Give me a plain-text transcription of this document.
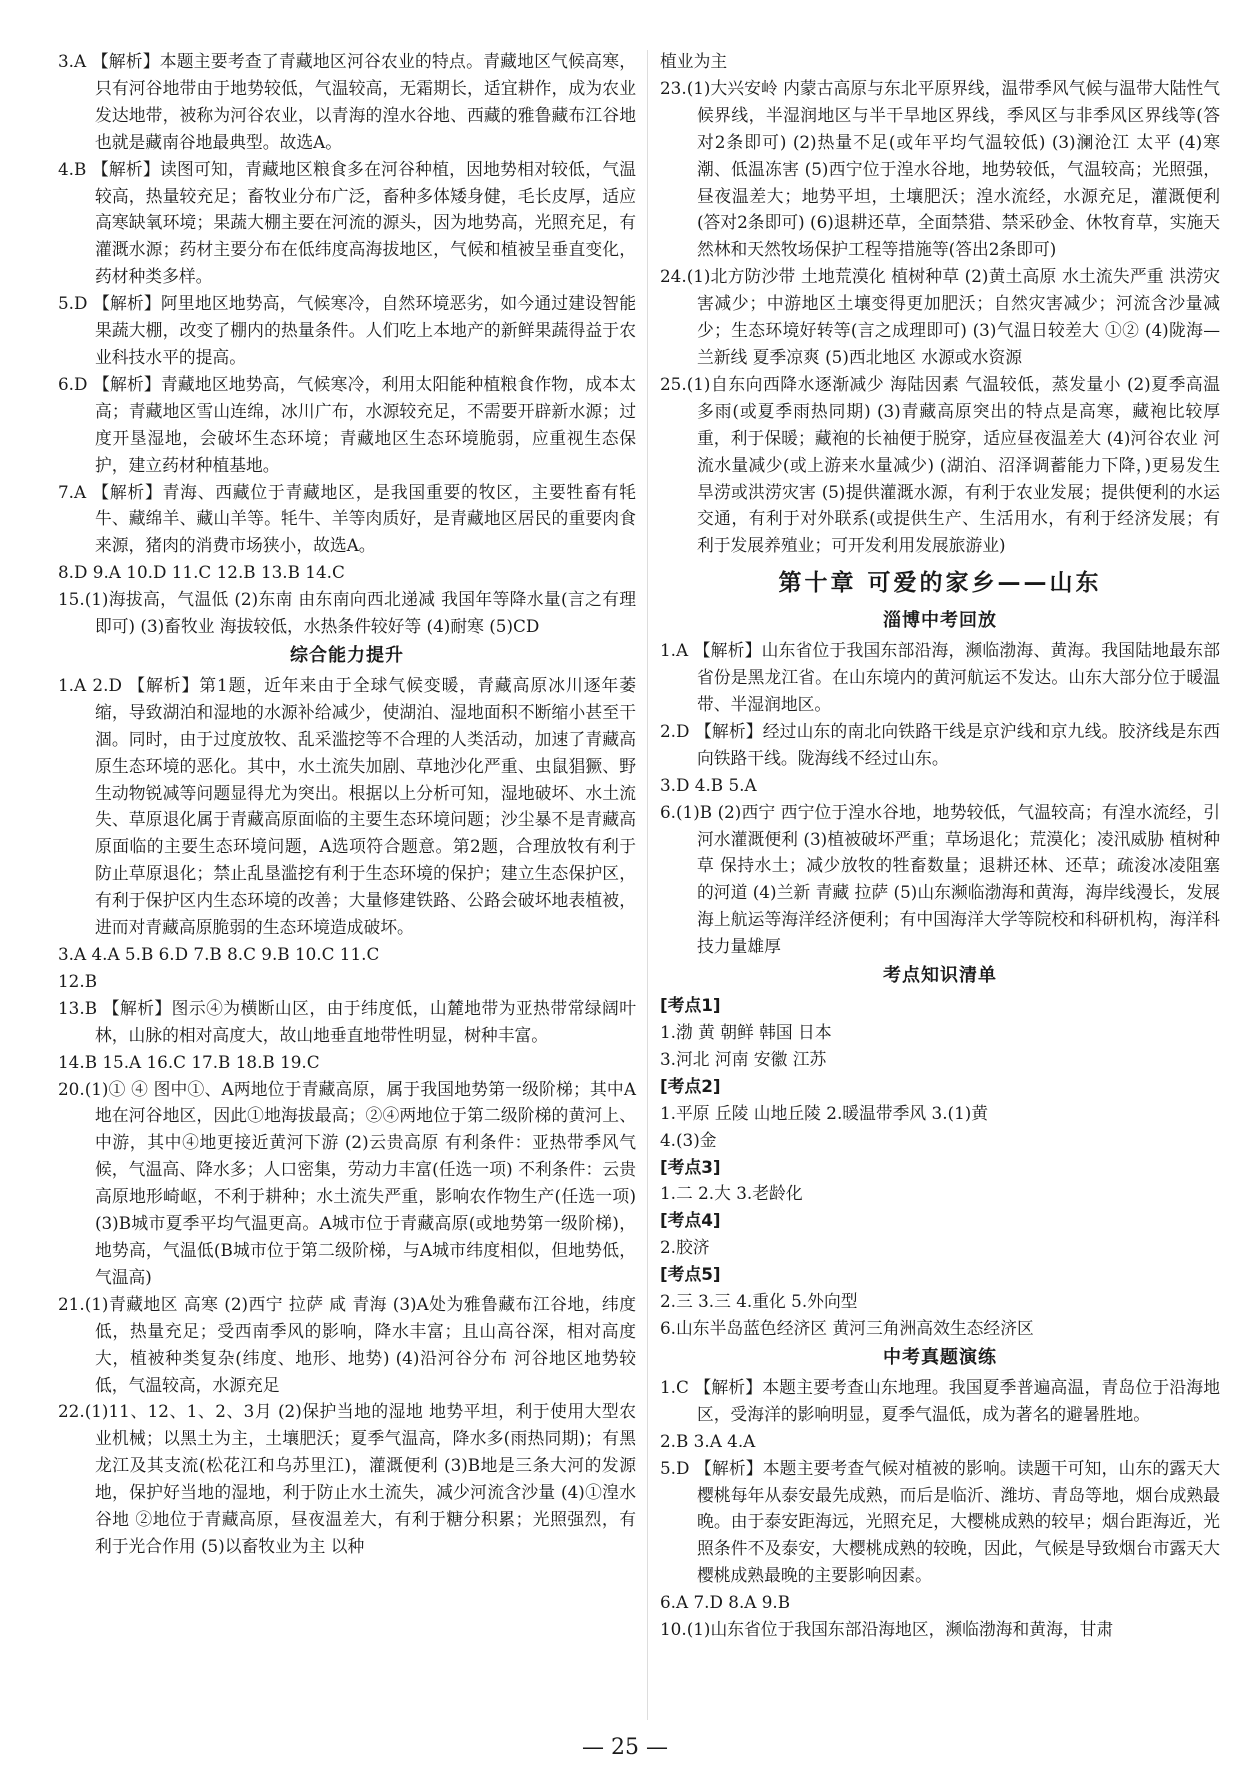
3.A 【解析】本题主要考查了青藏地区河谷农业的特点。青藏地区气候高寒，只有河谷地带由于地势较低，气温较高，无霜期长，适宜耕作，成为农业发达地带，被称为河谷农业，以青海的湟水谷地、西藏的雅鲁藏布江谷地也就是藏南谷地最典型。故选A。
4.B 【解析】读图可知，青藏地区粮食多在河谷种植，因地势相对较低，气温较高，热量较充足；畜牧业分布广泛，畜种多体矮身健，毛长皮厚，适应高寒缺氧环境；果蔬大棚主要在河流的源头，因为地势高，光照充足，有灌溉水源；药材主要分布在低纬度高海拔地区，气候和植被呈垂直变化，药材种类多样。
5.D 【解析】阿里地区地势高，气候寒冷，自然环境恶劣，如今通过建设智能果蔬大棚，改变了棚内的热量条件。人们吃上本地产的新鲜果蔬得益于农业科技水平的提高。
6.D 【解析】青藏地区地势高，气候寒冷，利用太阳能种植粮食作物，成本太高；青藏地区雪山连绵，冰川广布，水源较充足，不需要开辟新水源；过度开垦湿地，会破坏生态环境；青藏地区生态环境脆弱，应重视生态保护，建立药材种植基地。
7.A 【解析】青海、西藏位于青藏地区，是我国重要的牧区，主要牲畜有牦牛、藏绵羊、藏山羊等。牦牛、羊等肉质好，是青藏地区居民的重要肉食来源，猪肉的消费市场狭小，故选A。
8.D 9.A 10.D 11.C 12.B 13.B 14.C
15.(1)海拔高，气温低 (2)东南 由东南向西北递减 我国年等降水量(言之有理即可) (3)畜牧业 海拔较低，水热条件较好等 (4)耐寒 (5)CD
综合能力提升
1.A 2.D 【解析】第1题，近年来由于全球气候变暖，青藏高原冰川逐年萎缩，导致湖泊和湿地的水源补给减少，使湖泊、湿地面积不断缩小甚至干涸。同时，由于过度放牧、乱采滥挖等不合理的人类活动，加速了青藏高原生态环境的恶化。其中，水土流失加剧、草地沙化严重、虫鼠猖獗、野生动物锐减等问题显得尤为突出。根据以上分析可知，湿地破坏、水土流失、草原退化属于青藏高原面临的主要生态环境问题；沙尘暴不是青藏高原面临的主要生态环境问题，A选项符合题意。第2题，合理放牧有利于防止草原退化；禁止乱垦滥挖有利于生态环境的保护；建立生态保护区，有利于保护区内生态环境的改善；大量修建铁路、公路会破坏地表植被，进而对青藏高原脆弱的生态环境造成破坏。
3.A 4.A 5.B 6.D 7.B 8.C 9.B 10.C 11.C
12.B
13.B 【解析】图示④为横断山区，由于纬度低，山麓地带为亚热带常绿阔叶林，山脉的相对高度大，故山地垂直地带性明显，树种丰富。
14.B 15.A 16.C 17.B 18.B 19.C
20.(1)① ④ 图中①、A两地位于青藏高原，属于我国地势第一级阶梯；其中A地在河谷地区，因此①地海拔最高；②④两地位于第二级阶梯的黄河上、中游，其中④地更接近黄河下游 (2)云贵高原 有利条件：亚热带季风气候，气温高、降水多；人口密集，劳动力丰富(任选一项) 不利条件：云贵高原地形崎岖，不利于耕种；水土流失严重，影响农作物生产(任选一项) (3)B城市夏季平均气温更高。A城市位于青藏高原(或地势第一级阶梯)，地势高，气温低(B城市位于第二级阶梯，与A城市纬度相似，但地势低，气温高)
21.(1)青藏地区 高寒 (2)西宁 拉萨 咸 青海 (3)A处为雅鲁藏布江谷地，纬度低，热量充足；受西南季风的影响，降水丰富；且山高谷深，相对高度大，植被种类复杂(纬度、地形、地势) (4)沿河谷分布 河谷地区地势较低，气温较高，水源充足
22.(1)11、12、1、2、3月 (2)保护当地的湿地 地势平坦，利于使用大型农业机械；以黑土为主，土壤肥沃；夏季气温高，降水多(雨热同期)；有黑龙江及其支流(松花江和乌苏里江)，灌溉便利 (3)B地是三条大河的发源地，保护好当地的湿地，利于防止水土流失，减少河流含沙量 (4)①湟水谷地 ②地位于青藏高原，昼夜温差大，有利于糖分积累；光照强烈，有利于光合作用 (5)以畜牧业为主 以种
植业为主
23.(1)大兴安岭 内蒙古高原与东北平原界线，温带季风气候与温带大陆性气候界线，半湿润地区与半干旱地区界线，季风区与非季风区界线等(答对2条即可) (2)热量不足(或年平均气温较低) (3)澜沧江 太平 (4)寒潮、低温冻害 (5)西宁位于湟水谷地，地势较低，气温较高；光照强，昼夜温差大；地势平坦，土壤肥沃；湟水流经，水源充足，灌溉便利(答对2条即可) (6)退耕还草，全面禁猎、禁采砂金、休牧育草，实施天然林和天然牧场保护工程等措施等(答出2条即可)
24.(1)北方防沙带 土地荒漠化 植树种草 (2)黄土高原 水土流失严重 洪涝灾害减少；中游地区土壤变得更加肥沃；自然灾害减少；河流含沙量减少；生态环境好转等(言之成理即可) (3)气温日较差大 ①② (4)陇海—兰新线 夏季凉爽 (5)西北地区 水源或水资源
25.(1)自东向西降水逐渐减少 海陆因素 气温较低，蒸发量小 (2)夏季高温多雨(或夏季雨热同期) (3)青藏高原突出的特点是高寒，藏袍比较厚重，利于保暖；藏袍的长袖便于脱穿，适应昼夜温差大 (4)河谷农业 河流水量减少(或上游来水量减少) (湖泊、沼泽调蓄能力下降，)更易发生旱涝或洪涝灾害 (5)提供灌溉水源，有利于农业发展；提供便利的水运交通，有利于对外联系(或提供生产、生活用水，有利于经济发展；有利于发展养殖业；可开发利用发展旅游业)
第十章 可爱的家乡——山东
淄博中考回放
1.A 【解析】山东省位于我国东部沿海，濒临渤海、黄海。我国陆地最东部省份是黑龙江省。在山东境内的黄河航运不发达。山东大部分位于暖温带、半湿润地区。
2.D 【解析】经过山东的南北向铁路干线是京沪线和京九线。胶济线是东西向铁路干线。陇海线不经过山东。
3.D 4.B 5.A
6.(1)B (2)西宁 西宁位于湟水谷地，地势较低，气温较高；有湟水流经，引河水灌溉便利 (3)植被破坏严重；草场退化；荒漠化；凌汛威胁 植树种草 保持水土；减少放牧的牲畜数量；退耕还林、还草；疏浚冰凌阻塞的河道 (4)兰新 青藏 拉萨 (5)山东濒临渤海和黄海，海岸线漫长，发展海上航运等海洋经济便利；有中国海洋大学等院校和科研机构，海洋科技力量雄厚
考点知识清单
[考点1]
1.渤 黄 朝鲜 韩国 日本
3.河北 河南 安徽 江苏
[考点2]
1.平原 丘陵 山地丘陵 2.暖温带季风 3.(1)黄
4.(3)金
[考点3]
1.二 2.大 3.老龄化
[考点4]
2.胶济
[考点5]
2.三 3.三 4.重化 5.外向型
6.山东半岛蓝色经济区 黄河三角洲高效生态经济区
中考真题演练
1.C 【解析】本题主要考查山东地理。我国夏季普遍高温，青岛位于沿海地区，受海洋的影响明显，夏季气温低，成为著名的避暑胜地。
2.B 3.A 4.A
5.D 【解析】本题主要考查气候对植被的影响。读题干可知，山东的露天大樱桃每年从泰安最先成熟，而后是临沂、潍坊、青岛等地，烟台成熟最晚。由于泰安距海远，光照充足，大樱桃成熟的较早；烟台距海近，光照条件不及泰安，大樱桃成熟的较晚，因此，气候是导致烟台市露天大樱桃成熟最晚的主要影响因素。
6.A 7.D 8.A 9.B
10.(1)山东省位于我国东部沿海地区，濒临渤海和黄海，甘肃
— 25 —
